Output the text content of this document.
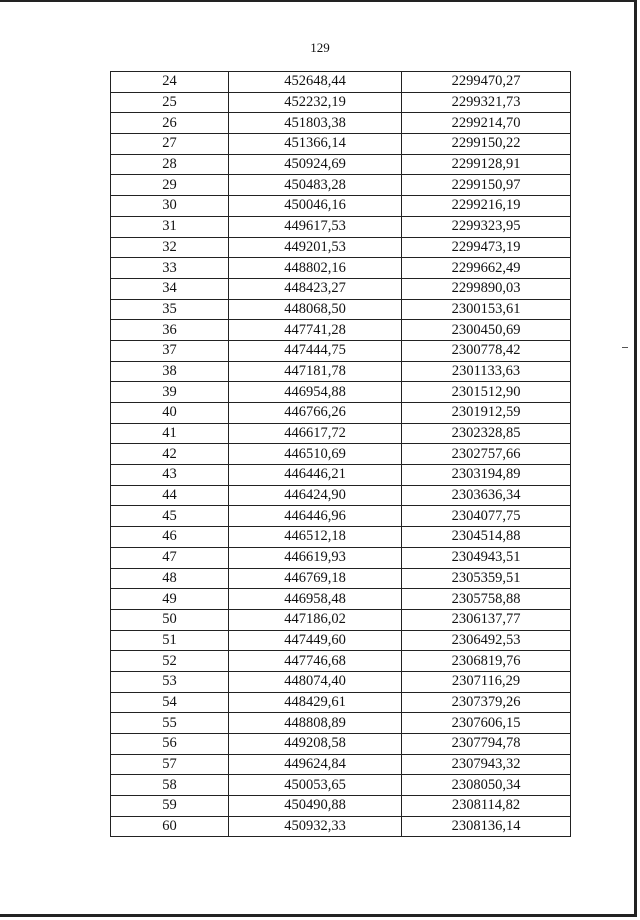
129
24	452648,44	2299470,27
25	452232,19	2299321,73
26	451803,38	2299214,70
27	451366,14	2299150,22
28	450924,69	2299128,91
29	450483,28	2299150,97
30	450046,16	2299216,19
31	449617,53	2299323,95
32	449201,53	2299473,19
33	448802,16	2299662,49
34	448423,27	2299890,03
35	448068,50	2300153,61
36	447741,28	2300450,69
37	447444,75	2300778,42
38	447181,78	2301133,63
39	446954,88	2301512,90
40	446766,26	2301912,59
41	446617,72	2302328,85
42	446510,69	2302757,66
43	446446,21	2303194,89
44	446424,90	2303636,34
45	446446,96	2304077,75
46	446512,18	2304514,88
47	446619,93	2304943,51
48	446769,18	2305359,51
49	446958,48	2305758,88
50	447186,02	2306137,77
51	447449,60	2306492,53
52	447746,68	2306819,76
53	448074,40	2307116,29
54	448429,61	2307379,26
55	448808,89	2307606,15
56	449208,58	2307794,78
57	449624,84	2307943,32
58	450053,65	2308050,34
59	450490,88	2308114,82
60	450932,33	2308136,14
